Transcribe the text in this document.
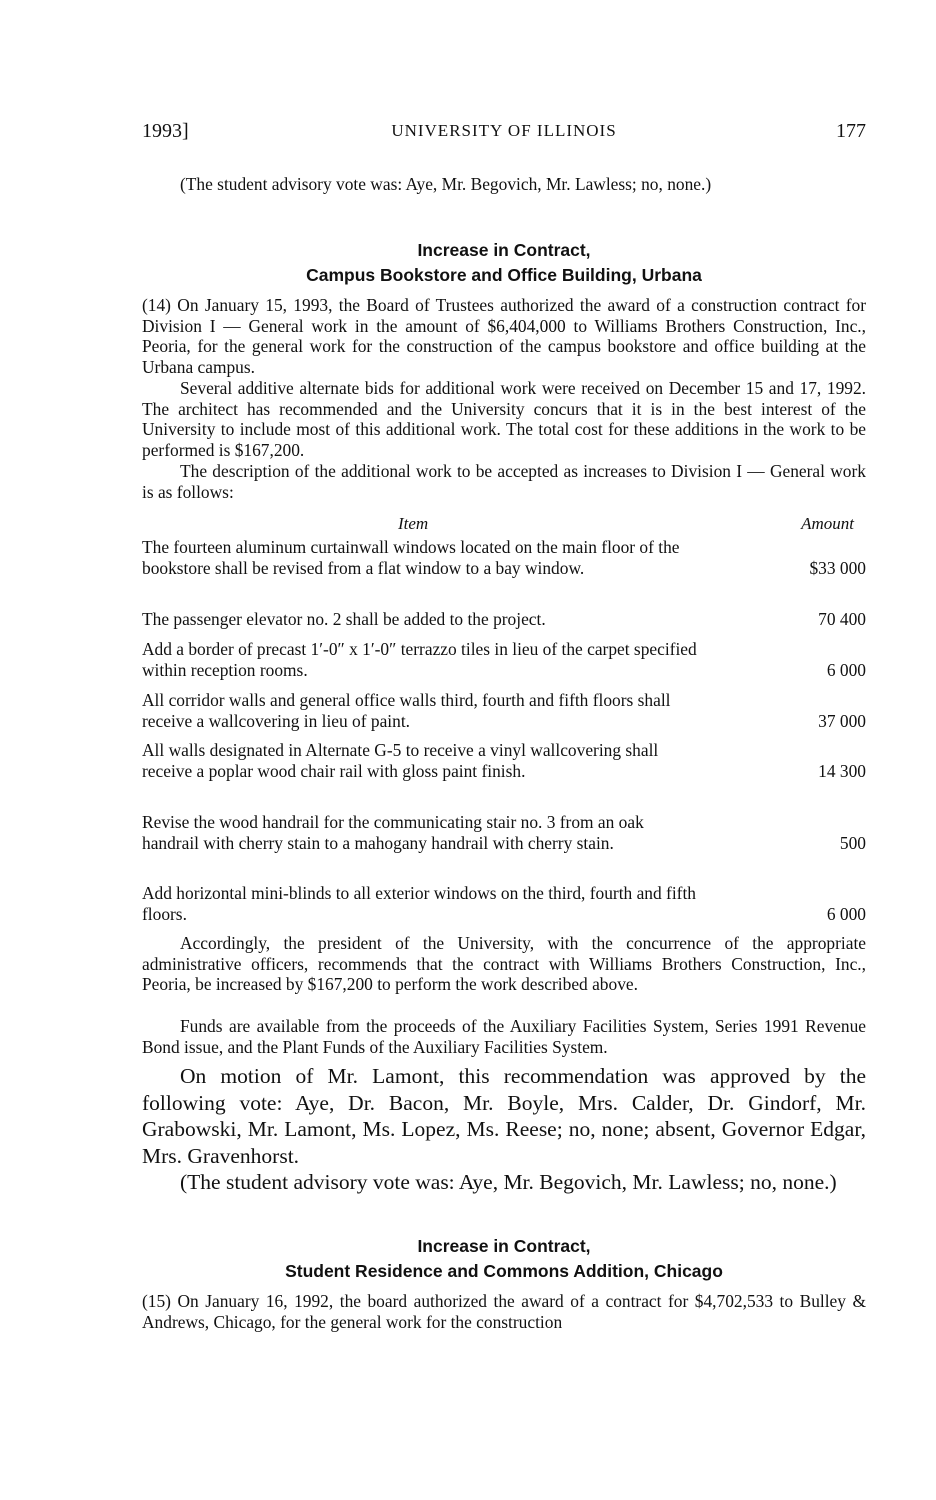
1993]	UNIVERSITY OF ILLINOIS	177

(The student advisory vote was: Aye, Mr. Begovich, Mr. Lawless; no, none.)

Increase in Contract,

Campus Bookstore and Office Building, Urbana

(14) On January 15, 1993, the Board of Trustees authorized the award of a construction contract for Division I — General work in the amount of $6,404,000 to Williams Brothers Construction, Inc., Peoria, for the general work for the construction of the campus bookstore and office building at the Urbana campus.

Several additive alternate bids for additional work were received on December 15 and 17, 1992. The architect has recommended and the University concurs that it is in the best interest of the University to include most of this additional work. The total cost for these additions in the work to be performed is $167,200.

The description of the additional work to be accepted as increases to Division I — General work is as follows:

Item	Amount
The fourteen aluminum curtainwall windows located on the main floor of the bookstore shall be revised from a flat window to a bay window.	$33 000
The passenger elevator no. 2 shall be added to the project.	70 400
Add a border of precast 1′-0″ x 1′-0″ terrazzo tiles in lieu of the carpet specified within reception rooms.	6 000
All corridor walls and general office walls third, fourth and fifth floors shall receive a wallcovering in lieu of paint.	37 000
All walls designated in Alternate G-5 to receive a vinyl wallcovering shall receive a poplar wood chair rail with gloss paint finish.	14 300
Revise the wood handrail for the communicating stair no. 3 from an oak handrail with cherry stain to a mahogany handrail with cherry stain.	500
Add horizontal mini-blinds to all exterior windows on the third, fourth and fifth floors.	6 000

Accordingly, the president of the University, with the concurrence of the appropriate administrative officers, recommends that the contract with Williams Brothers Construction, Inc., Peoria, be increased by $167,200 to perform the work described above.

Funds are available from the proceeds of the Auxiliary Facilities System, Series 1991 Revenue Bond issue, and the Plant Funds of the Auxiliary Facilities System.

On motion of Mr. Lamont, this recommendation was approved by the following vote: Aye, Dr. Bacon, Mr. Boyle, Mrs. Calder, Dr. Gindorf, Mr. Grabowski, Mr. Lamont, Ms. Lopez, Ms. Reese; no, none; absent, Governor Edgar, Mrs. Gravenhorst.

(The student advisory vote was: Aye, Mr. Begovich, Mr. Lawless; no, none.)

Increase in Contract,

Student Residence and Commons Addition, Chicago

(15) On January 16, 1992, the board authorized the award of a contract for $4,702,533 to Bulley & Andrews, Chicago, for the general work for the construction
